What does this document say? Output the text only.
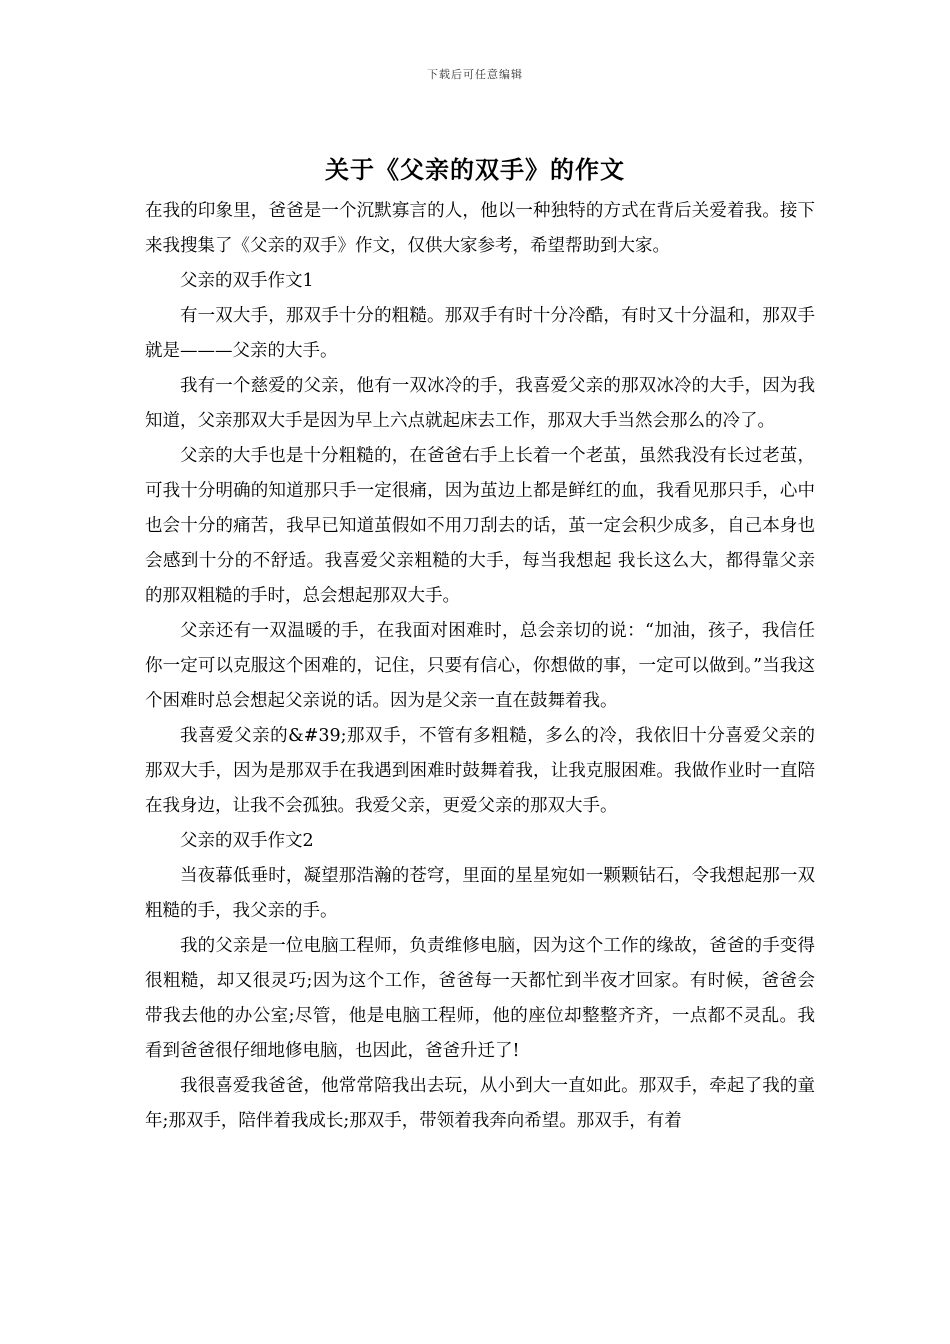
下载后可任意编辑
关于《父亲的双手》的作文

在我的印象里，爸爸是一个沉默寡言的人，他以一种独特的方式在背后关爱着我。接下来我搜集了《父亲的双手》作文，仅供大家参考，希望帮助到大家。

父亲的双手作文1

有一双大手，那双手十分的粗糙。那双手有时十分冷酷，有时又十分温和，那双手就是———父亲的大手。

我有一个慈爱的父亲，他有一双冰冷的手，我喜爱父亲的那双冰冷的大手，因为我知道，父亲那双大手是因为早上六点就起床去工作，那双大手当然会那么的冷了。

父亲的大手也是十分粗糙的，在爸爸右手上长着一个老茧，虽然我没有长过老茧，可我十分明确的知道那只手一定很痛，因为茧边上都是鲜红的血，我看见那只手，心中也会十分的痛苦，我早已知道茧假如不用刀刮去的话，茧一定会积少成多，自己本身也会感到十分的不舒适。我喜爱父亲粗糙的大手，每当我想起 我长这么大，都得靠父亲的那双粗糙的手时，总会想起那双大手。

父亲还有一双温暖的手，在我面对困难时，总会亲切的说：“加油，孩子，我信任你一定可以克服这个困难的，记住，只要有信心，你想做的事，一定可以做到。”当我这个困难时总会想起父亲说的话。因为是父亲一直在鼓舞着我。

我喜爱父亲的&#39;那双手，不管有多粗糙，多么的冷，我依旧十分喜爱父亲的那双大手，因为是那双手在我遇到困难时鼓舞着我，让我克服困难。我做作业时一直陪在我身边，让我不会孤独。我爱父亲，更爱父亲的那双大手。

父亲的双手作文2

当夜幕低垂时，凝望那浩瀚的苍穹，里面的星星宛如一颗颗钻石，令我想起那一双粗糙的手，我父亲的手。

我的父亲是一位电脑工程师，负责维修电脑，因为这个工作的缘故，爸爸的手变得很粗糙，却又很灵巧;因为这个工作，爸爸每一天都忙到半夜才回家。有时候，爸爸会带我去他的办公室;尽管，他是电脑工程师，他的座位却整整齐齐，一点都不灵乱。我看到爸爸很仔细地修电脑，也因此，爸爸升迁了!

我很喜爱我爸爸，他常常陪我出去玩，从小到大一直如此。那双手，牵起了我的童年;那双手，陪伴着我成长;那双手，带领着我奔向希望。那双手，有着
